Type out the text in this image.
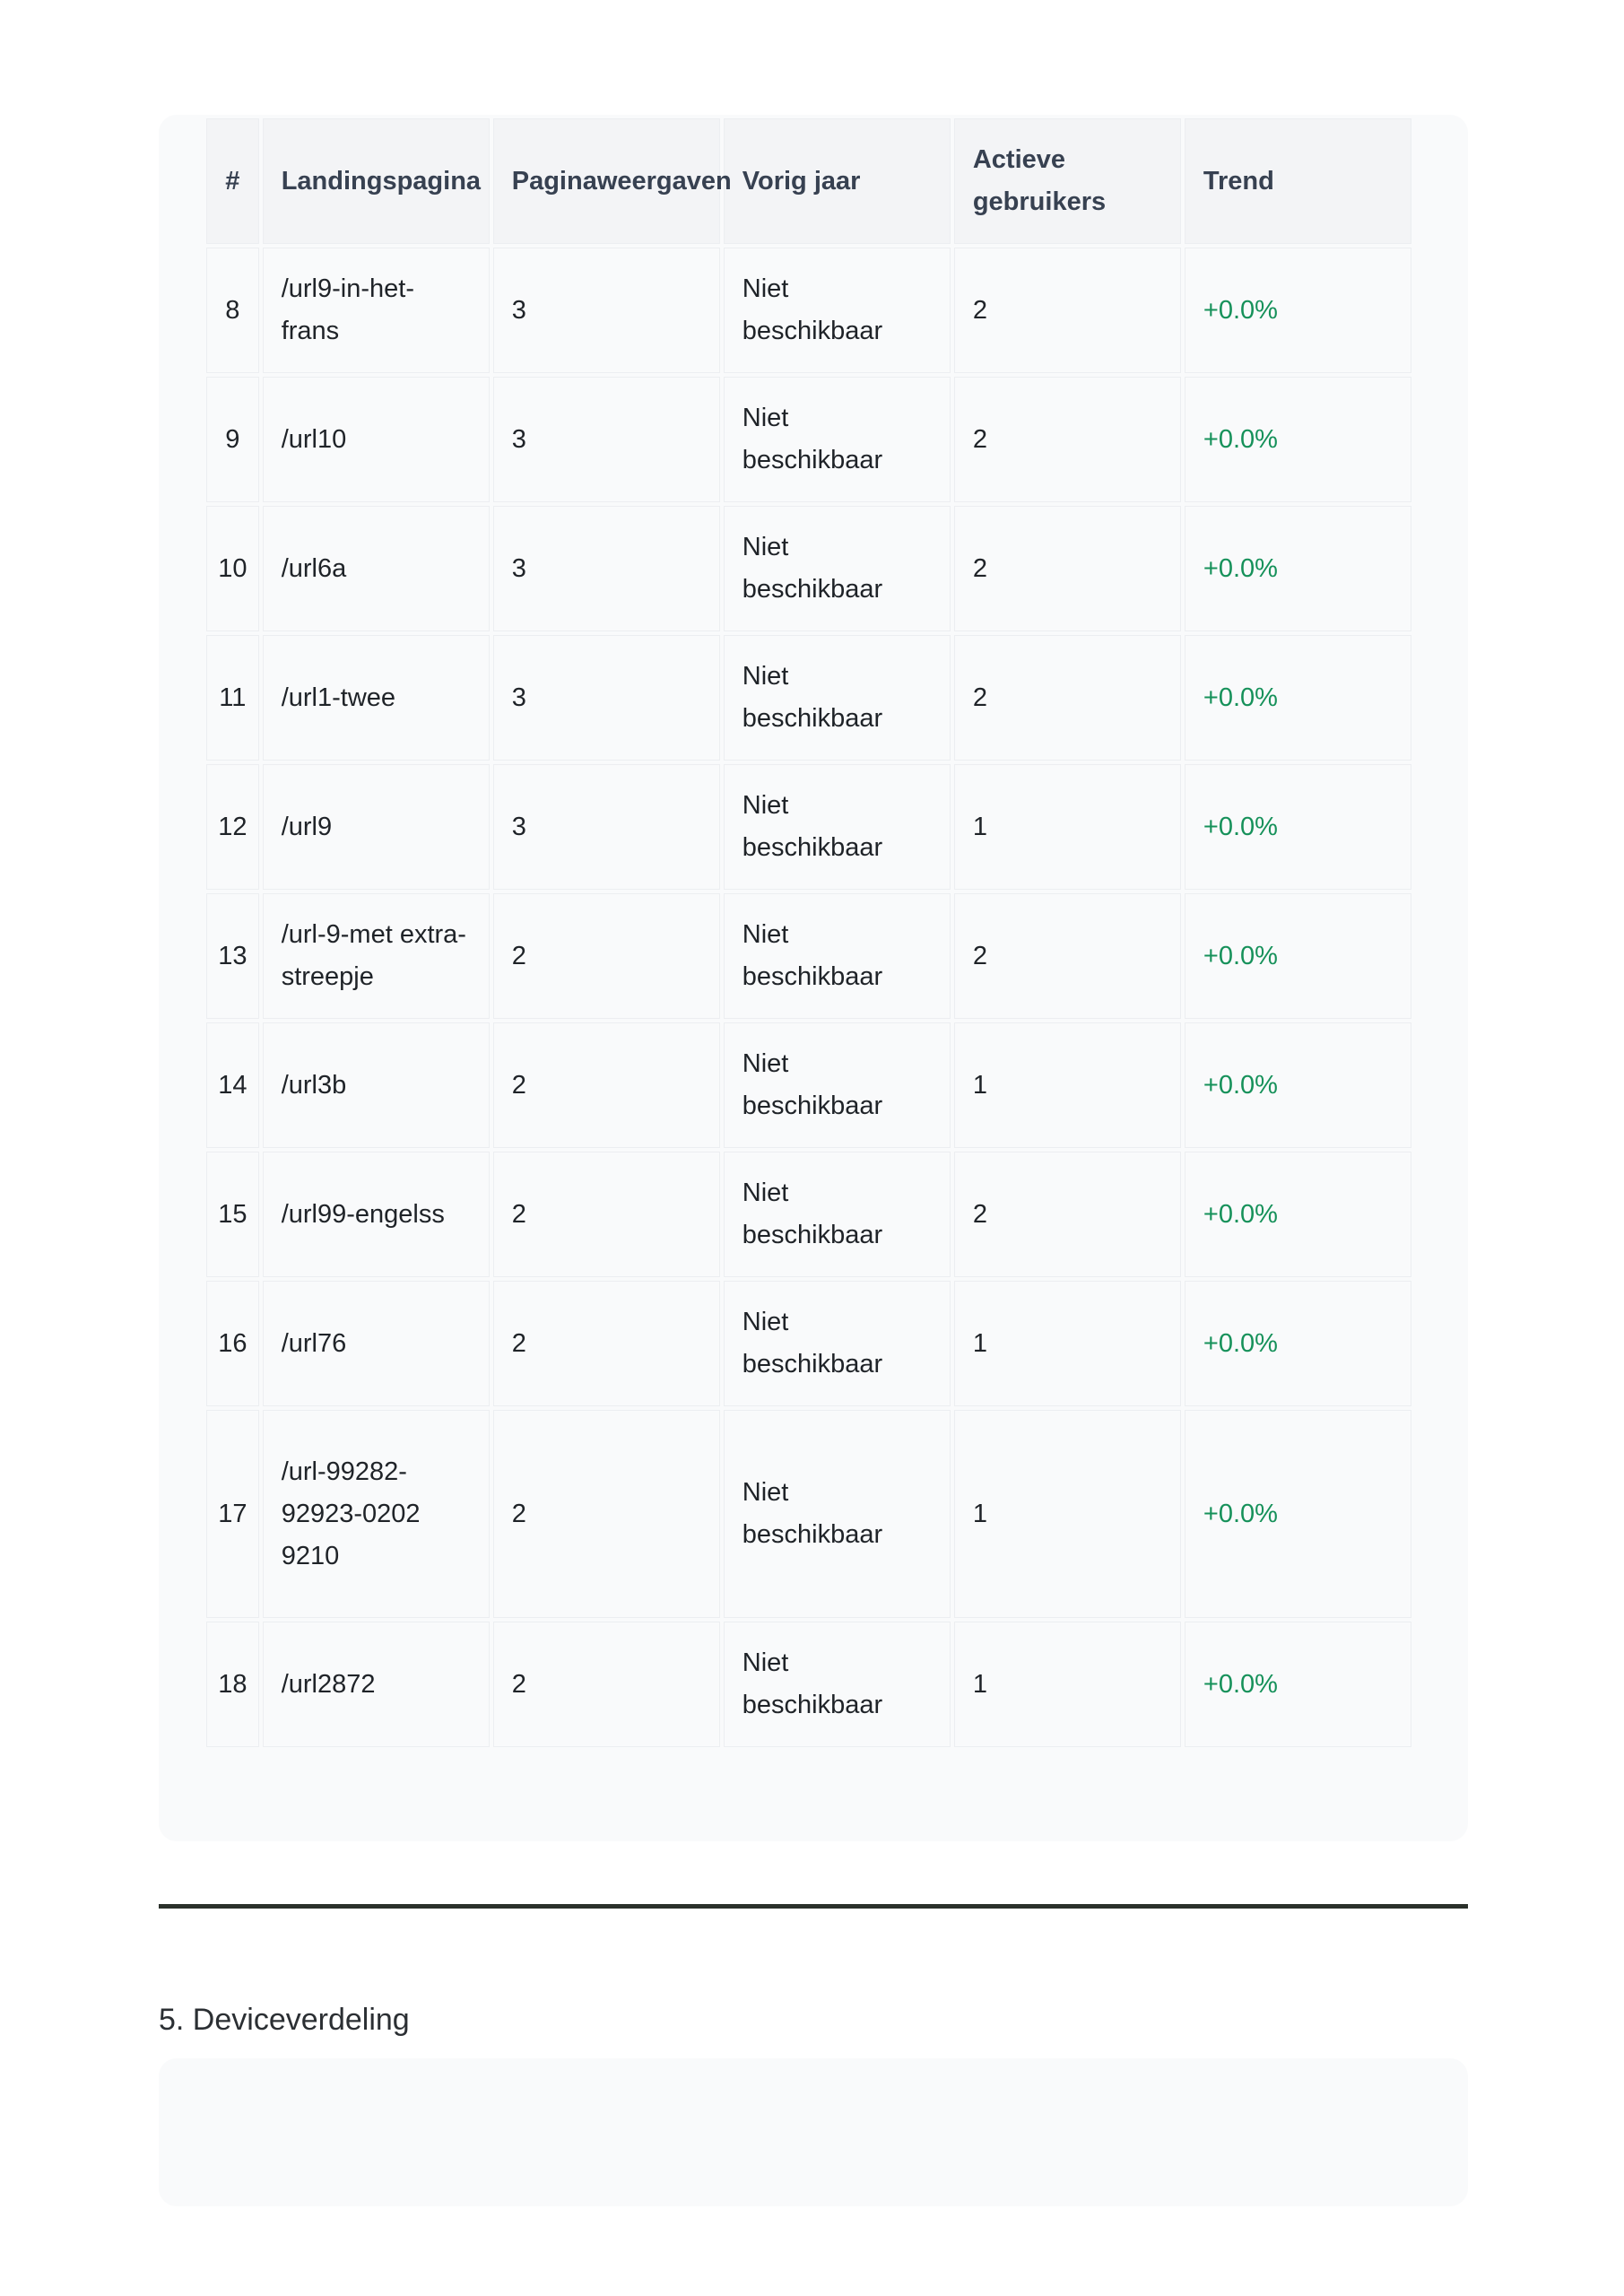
#	Landingspagina	Paginaweergaven	Vorig jaar	Actieve gebruikers	Trend
8	/url9-in-het-frans	3	Niet beschikbaar	2	+0.0%
9	/url10	3	Niet beschikbaar	2	+0.0%
10	/url6a	3	Niet beschikbaar	2	+0.0%
11	/url1-twee	3	Niet beschikbaar	2	+0.0%
12	/url9	3	Niet beschikbaar	1	+0.0%
13	/url-9-met extra-streepje	2	Niet beschikbaar	2	+0.0%
14	/url3b	2	Niet beschikbaar	1	+0.0%
15	/url99-engelss	2	Niet beschikbaar	2	+0.0%
16	/url76	2	Niet beschikbaar	1	+0.0%
17	/url-99282-92923-0202 9210	2	Niet beschikbaar	1	+0.0%
18	/url2872	2	Niet beschikbaar	1	+0.0%
5. Deviceverdeling
